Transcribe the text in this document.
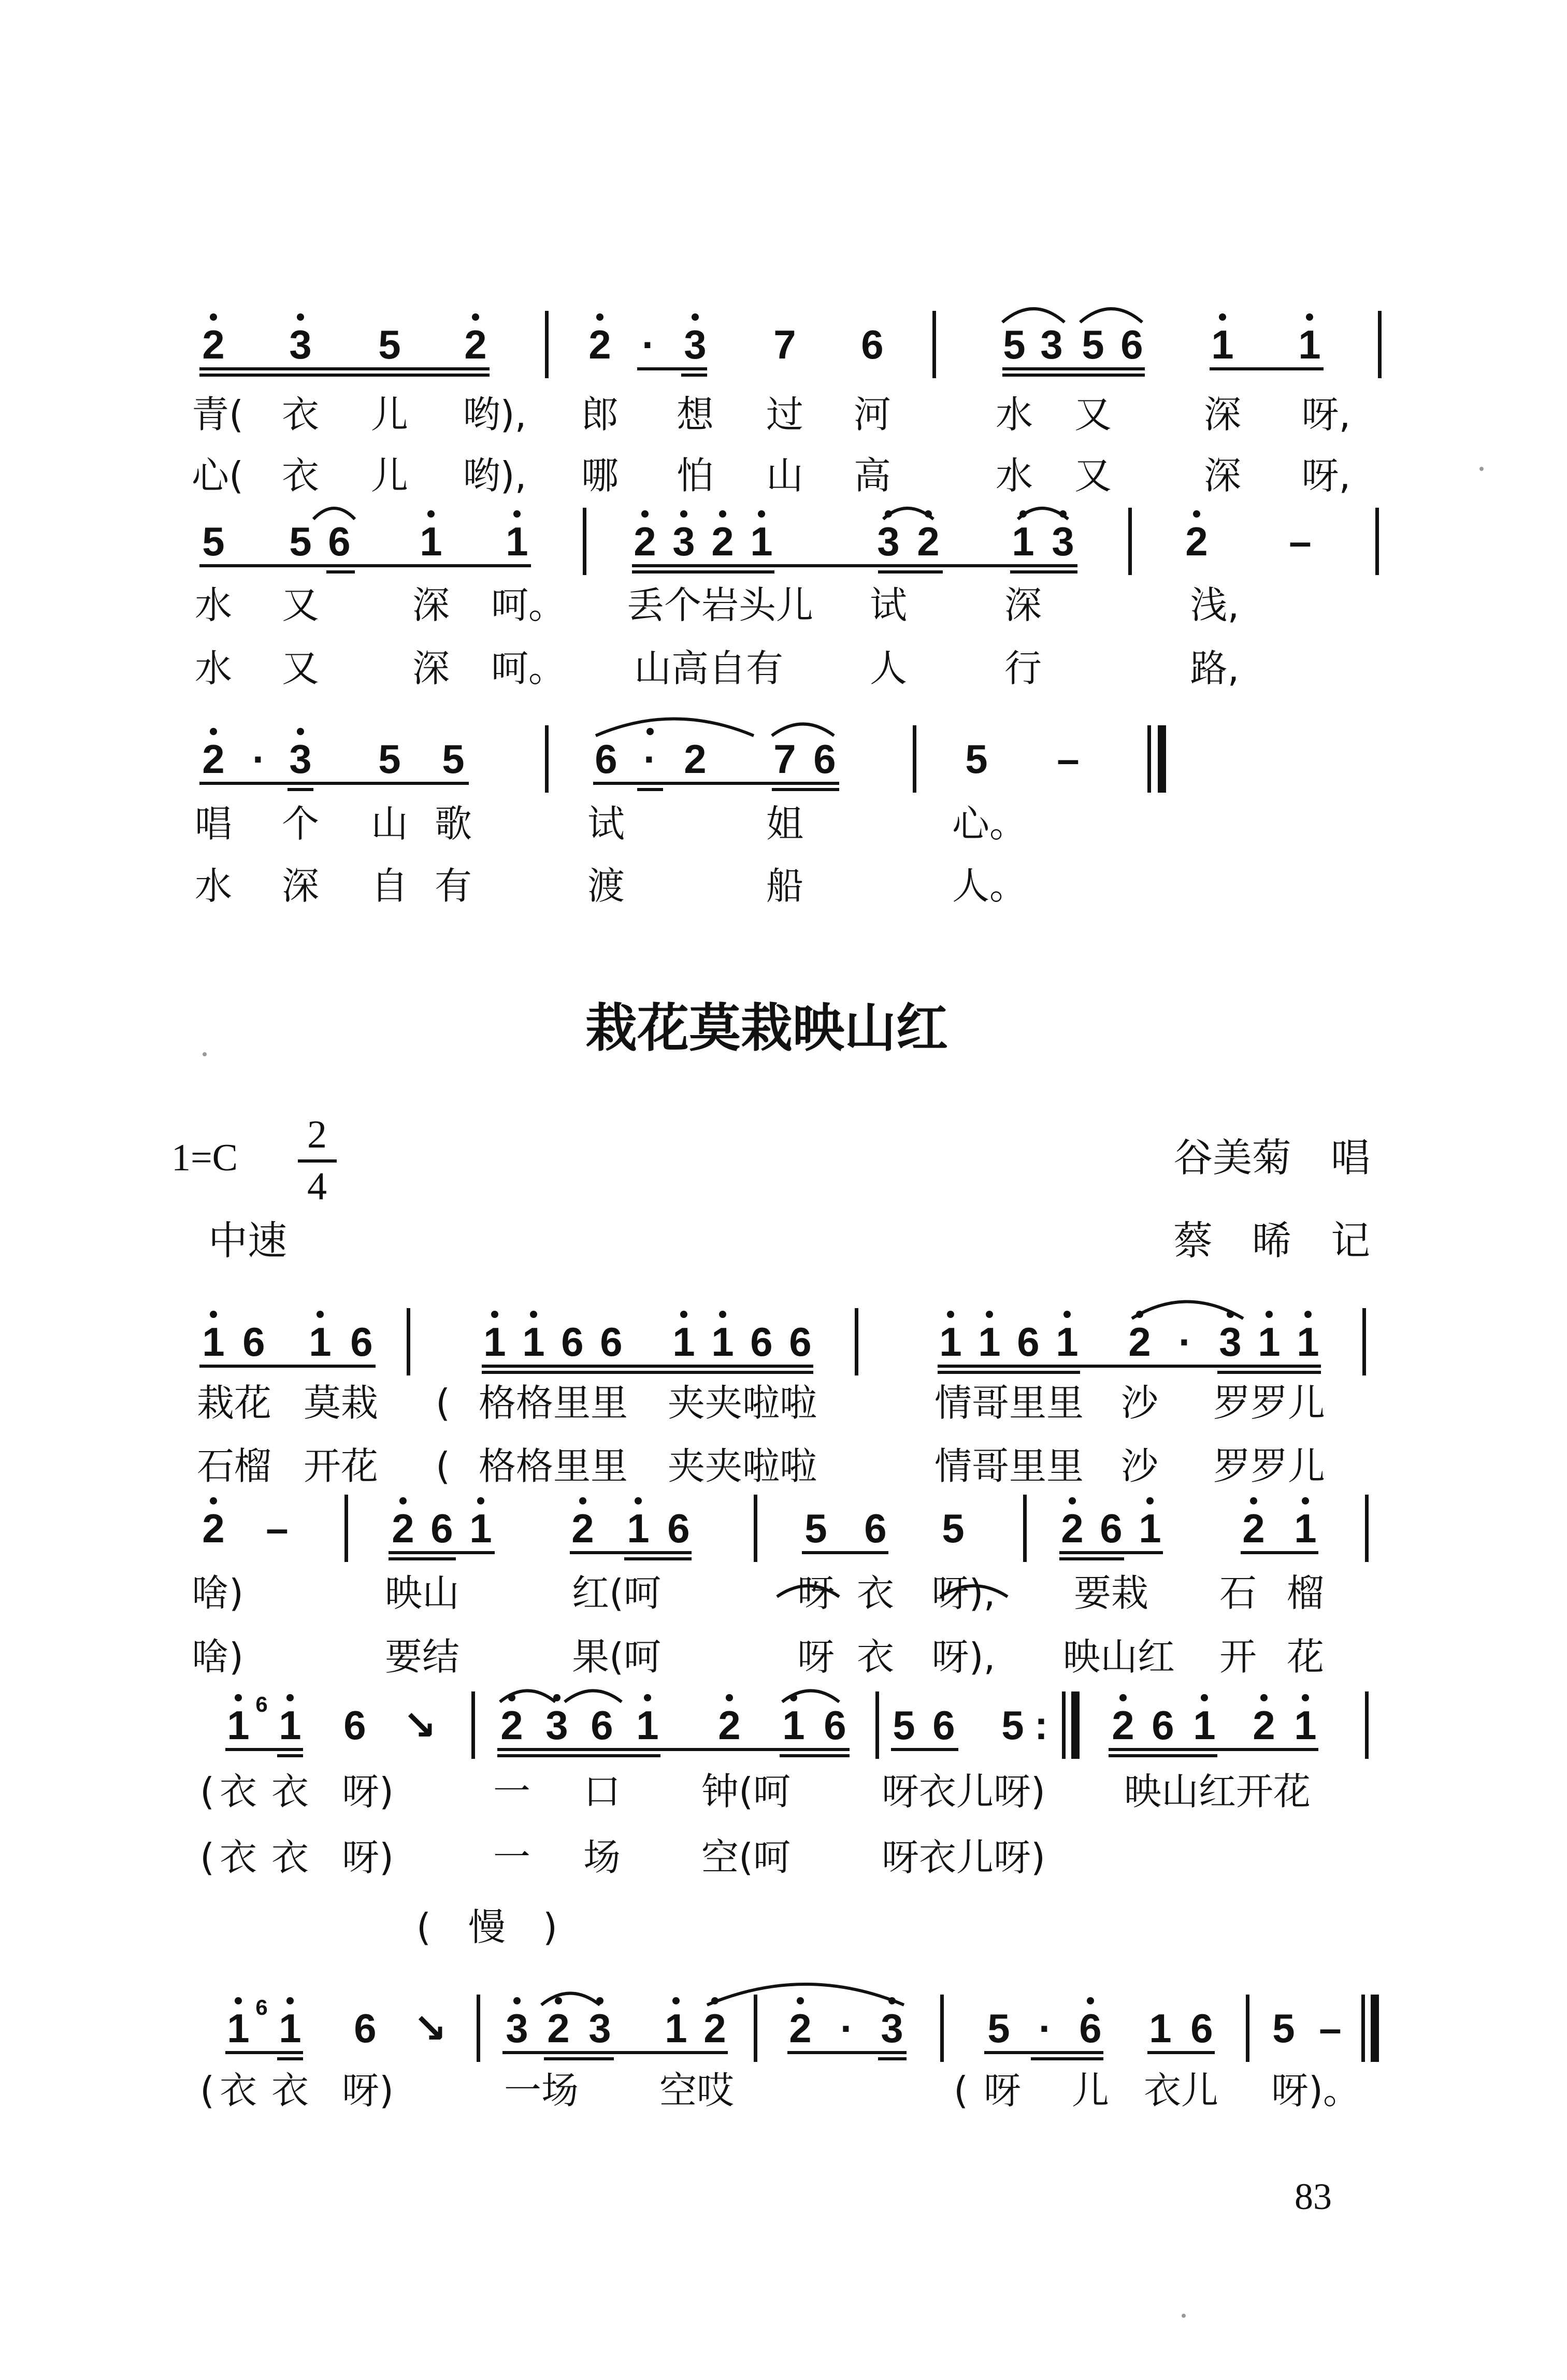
2 3 5 2	2 · 3 7 6	5 3 5 6 1 1
青( 衣 儿 哟), 郎 想 过 河	水 又 深 呀,
心( 衣 儿 哟), 哪 怕 山 高	水 又 深 呀,
5 5 6 1 1	2 3 2 1	3 2 1 3	2 –
水 又 深 呵。 丢个岩头儿 试	深	浅,
水 又 深 呵。 山高自有 人	行	路,
2 · 3 5 5	6 · 2 7 6	5 –
唱 个 山 歌	试	姐	心。
水 深 自 有	渡	船	人。
栽花莫栽映山红
1=C	谷美菊　唱
2
4
中速	蔡　晞　记
1 6 1 6	1 1 6 6 1 1 6 6	1 1 6 1 2 · 3 1 1
栽花 莫栽 ( 格格里里 夹夹啦啦	情哥里里 沙 罗罗儿
石榴 开花 ( 格格里里 夹夹啦啦	情哥里里 沙 罗罗儿
2 –	2 6 1 2 1 6	5 6 5 2 6 1 2 1
啥)	映山	红(呵	呀 衣 呀), 要栽 石 榴
啥)	要结	果(呵	呀 衣 呀), 映山红 开 花
1 6 1 6 ↘ 2 3 6 1 2 1 6 5 6 5 : 2 6 1 2 1
( 衣 衣 呀)	一 口 钟(呵 呀衣儿呀) 映山红开花
( 衣 衣 呀)	一 场 空(呵 呀衣儿呀)
(　慢　)
1 6 1 6 ↘ 3 2 3 1 2 2 · 3 5 · 6 1 6 5 –
( 衣 衣 呀)	一场 空哎	( 呀 儿 衣儿 呀)。
83
